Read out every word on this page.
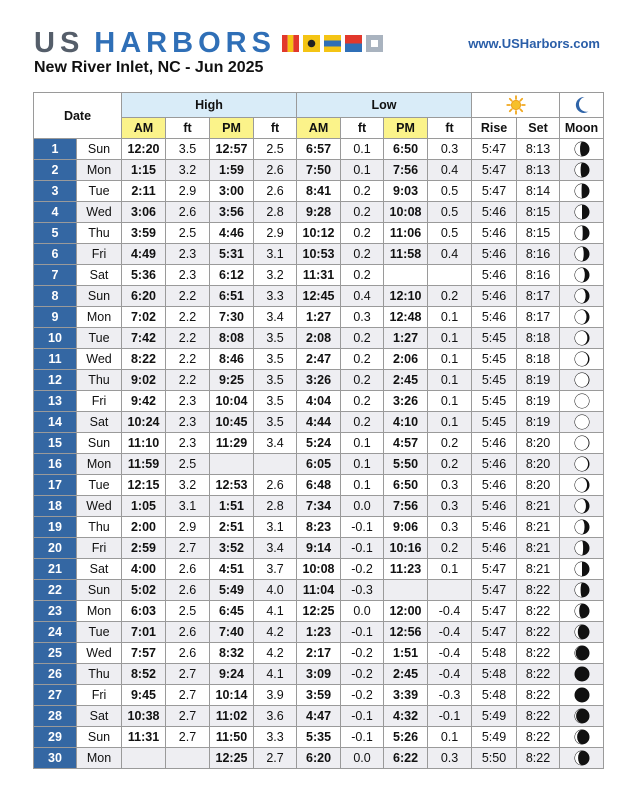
US HARBORS	www.USHarbors.com
New River Inlet, NC - Jun 2025
Date		High				Low	

		AM	ft	PM	ft	AM	ft	PM	ft	Rise	Set	Moon
1	Sun	12:20	3.5	12:57	2.5	6:57	0.1	6:50	0.3	5:47	8:13	

2	Mon	1:15	3.2	1:59	2.6	7:50	0.1	7:56	0.4	5:47	8:13	

3	Tue	2:11	2.9	3:00	2.6	8:41	0.2	9:03	0.5	5:47	8:14	

4	Wed	3:06	2.6	3:56	2.8	9:28	0.2	10:08	0.5	5:46	8:15	

5	Thu	3:59	2.5	4:46	2.9	10:12	0.2	11:06	0.5	5:46	8:15	

6	Fri	4:49	2.3	5:31	3.1	10:53	0.2	11:58	0.4	5:46	8:16	

7	Sat	5:36	2.3	6:12	3.2	11:31	0.2			5:46	8:16	

8	Sun	6:20	2.2	6:51	3.3	12:45	0.4	12:10	0.2	5:46	8:17	

9	Mon	7:02	2.2	7:30	3.4	1:27	0.3	12:48	0.1	5:46	8:17	

10	Tue	7:42	2.2	8:08	3.5	2:08	0.2	1:27	0.1	5:45	8:18	

11	Wed	8:22	2.2	8:46	3.5	2:47	0.2	2:06	0.1	5:45	8:18	

12	Thu	9:02	2.2	9:25	3.5	3:26	0.2	2:45	0.1	5:45	8:19	

13	Fri	9:42	2.3	10:04	3.5	4:04	0.2	3:26	0.1	5:45	8:19	

14	Sat	10:24	2.3	10:45	3.5	4:44	0.2	4:10	0.1	5:45	8:19	

15	Sun	11:10	2.3	11:29	3.4	5:24	0.1	4:57	0.2	5:46	8:20	

16	Mon	11:59	2.5			6:05	0.1	5:50	0.2	5:46	8:20	

17	Tue	12:15	3.2	12:53	2.6	6:48	0.1	6:50	0.3	5:46	8:20	

18	Wed	1:05	3.1	1:51	2.8	7:34	0.0	7:56	0.3	5:46	8:21	

19	Thu	2:00	2.9	2:51	3.1	8:23	-0.1	9:06	0.3	5:46	8:21	

20	Fri	2:59	2.7	3:52	3.4	9:14	-0.1	10:16	0.2	5:46	8:21	

21	Sat	4:00	2.6	4:51	3.7	10:08	-0.2	11:23	0.1	5:47	8:21	

22	Sun	5:02	2.6	5:49	4.0	11:04	-0.3			5:47	8:22	

23	Mon	6:03	2.5	6:45	4.1	12:25	0.0	12:00	-0.4	5:47	8:22	

24	Tue	7:01	2.6	7:40	4.2	1:23	-0.1	12:56	-0.4	5:47	8:22	

25	Wed	7:57	2.6	8:32	4.2	2:17	-0.2	1:51	-0.4	5:48	8:22	

26	Thu	8:52	2.7	9:24	4.1	3:09	-0.2	2:45	-0.4	5:48	8:22	

27	Fri	9:45	2.7	10:14	3.9	3:59	-0.2	3:39	-0.3	5:48	8:22	

28	Sat	10:38	2.7	11:02	3.6	4:47	-0.1	4:32	-0.1	5:49	8:22	

29	Sun	11:31	2.7	11:50	3.3	5:35	-0.1	5:26	0.1	5:49	8:22	

30	Mon			12:25	2.7	6:20	0.0	6:22	0.3	5:50	8:22	
